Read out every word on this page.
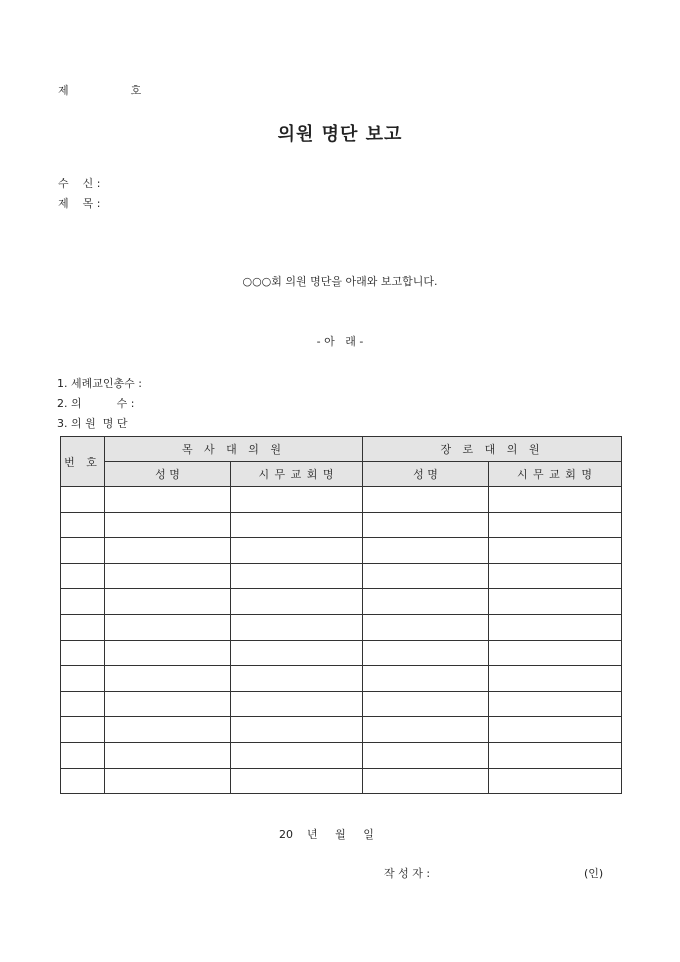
제    호
의원 명단 보고
수    신 :
제    목 :
○○○회 의원 명단을 아래와 보고합니다.
- 아   래 -
1. 세례교인총수 :
2. 의          수 :
3. 의 원  명 단
번 호	목 사 대 의 원		장 로 대 의 원	
	성 명	시 무 교 회 명	성 명	시 무 교 회 명

20    년     월     일
작 성 자 :	(인)
